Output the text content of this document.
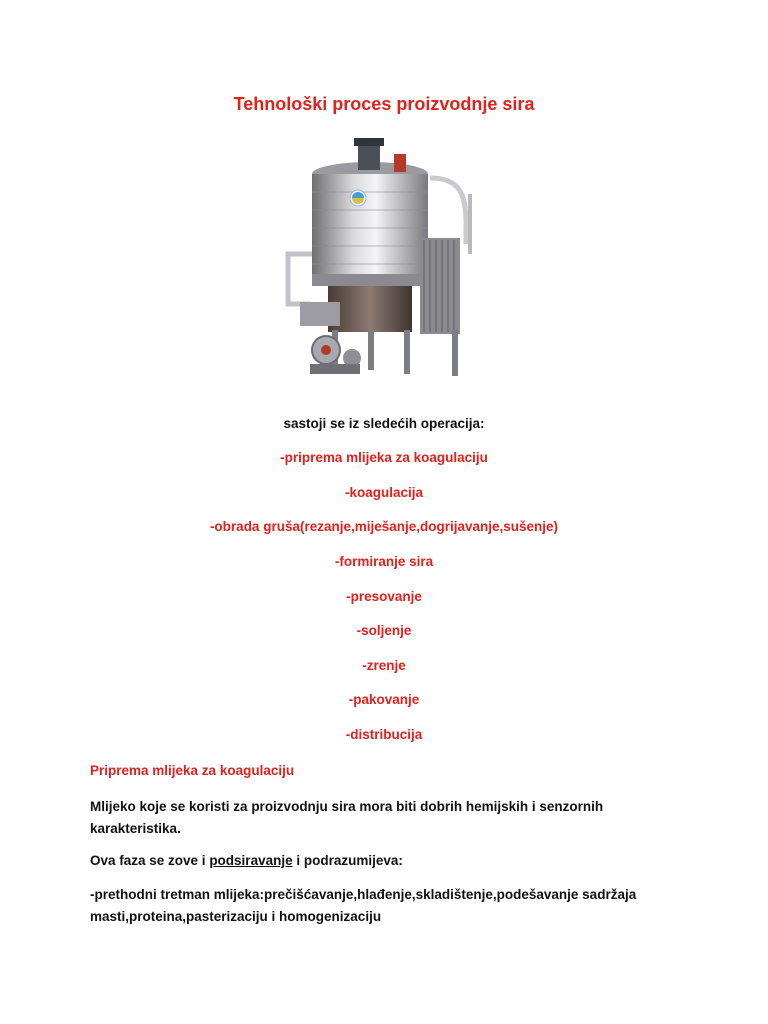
Tehnološki proces proizvodnje sira
sastoji se iz sledećih operacija:
-priprema mlijeka za koagulaciju
-koagulacija
-obrada gruša(rezanje,miješanje,dogrijavanje,sušenje)
-formiranje sira
-presovanje
-soljenje
-zrenje
-pakovanje
-distribucija
Priprema mlijeka za koagulaciju
Mlijeko koje se koristi za proizvodnju sira mora biti dobrih hemijskih i senzornih karakteristika.
Ova faza se zove i podsiravanje i podrazumijeva:
-prethodni tretman mlijeka:prečišćavanje,hlađenje,skladištenje,podešavanje sadržaja masti,proteina,pasterizaciju i homogenizaciju
